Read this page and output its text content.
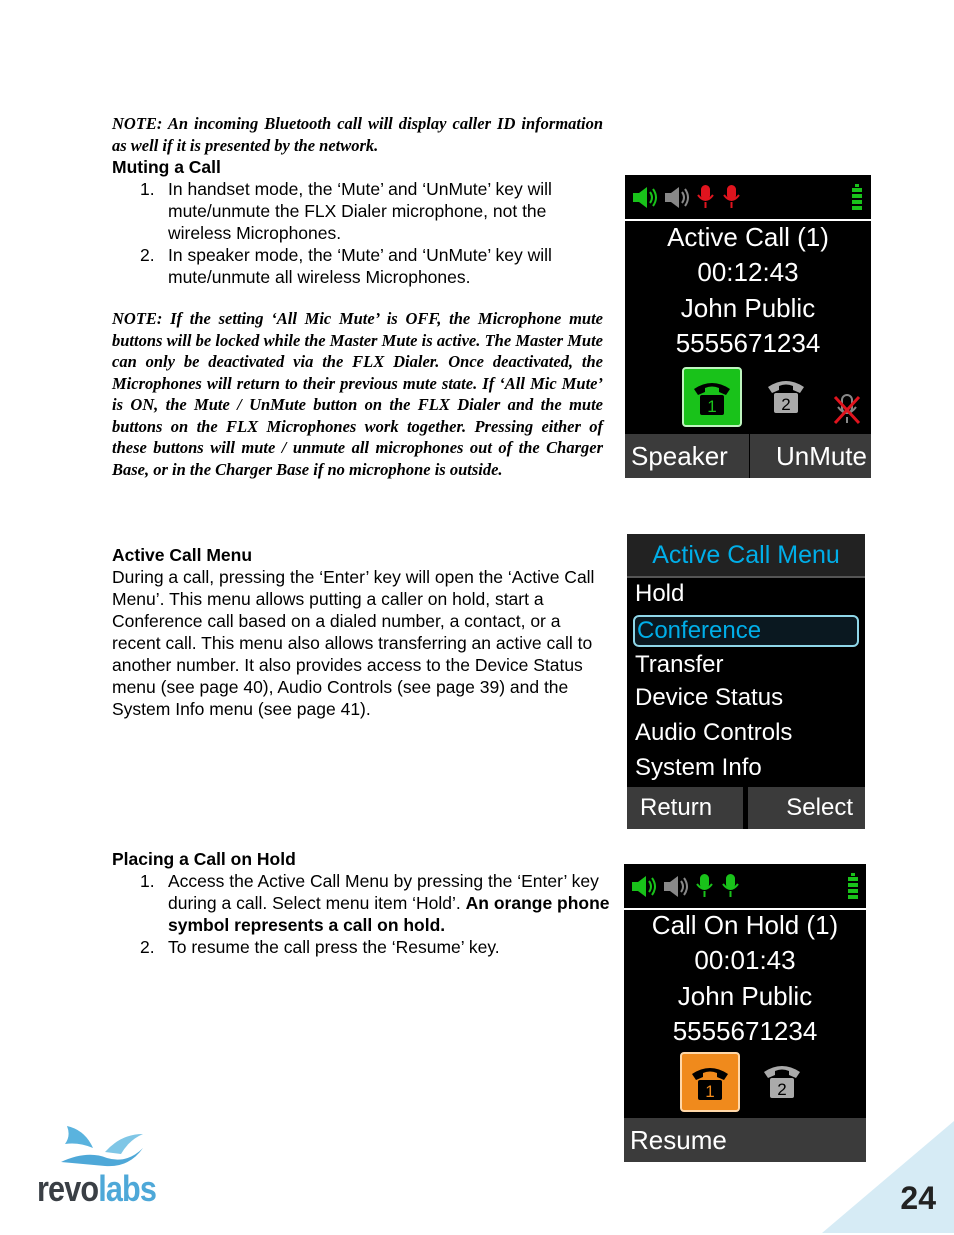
NOTE: An incoming Bluetooth call will display caller ID information as well if it is presented by the network.
Muting a Call
1. In handset mode, the ‘Mute’ and ‘UnMute’ key will mute/unmute the FLX Dialer microphone, not the wireless Microphones.
2. In speaker mode, the ‘Mute’ and ‘UnMute’ key will mute/unmute all wireless Microphones.
NOTE: If the setting ‘All Mic Mute’ is OFF, the Microphone mute buttons will be locked while the Master Mute is active. The Master Mute can only be deactivated via the FLX Dialer. Once deactivated, the Microphones will return to their previous mute state. If ‘All Mic Mute’ is ON, the Mute / UnMute button on the FLX Dialer and the mute buttons on the FLX Microphones work together. Pressing either of these buttons will mute / unmute all microphones out of the Charger Base, or in the Charger Base if no microphone is outside.
Active Call Menu
During a call, pressing the ‘Enter’ key will open the ‘Active Call Menu’. This menu allows putting a caller on hold, start a Conference call based on a dialed number, a contact, or a recent call. This menu also allows transferring an active call to another number. It also provides access to the Device Status menu (see page 40), Audio Controls (see page 39) and the System Info menu (see page 41).
Placing a Call on Hold
1. Access the Active Call Menu by pressing the ‘Enter’ key during a call. Select menu item ‘Hold’. An orange phone symbol represents a call on hold.
2. To resume the call press the ‘Resume’ key.
Active Call (1)
00:12:43
John Public
5555671234
1	2
Speaker	UnMute
Active Call Menu
Hold
Conference
Transfer
Device Status
Audio Controls
System Info
Return	Select
Call On Hold (1)
00:01:43
John Public
5555671234
1	2
Resume
revolabs	24
